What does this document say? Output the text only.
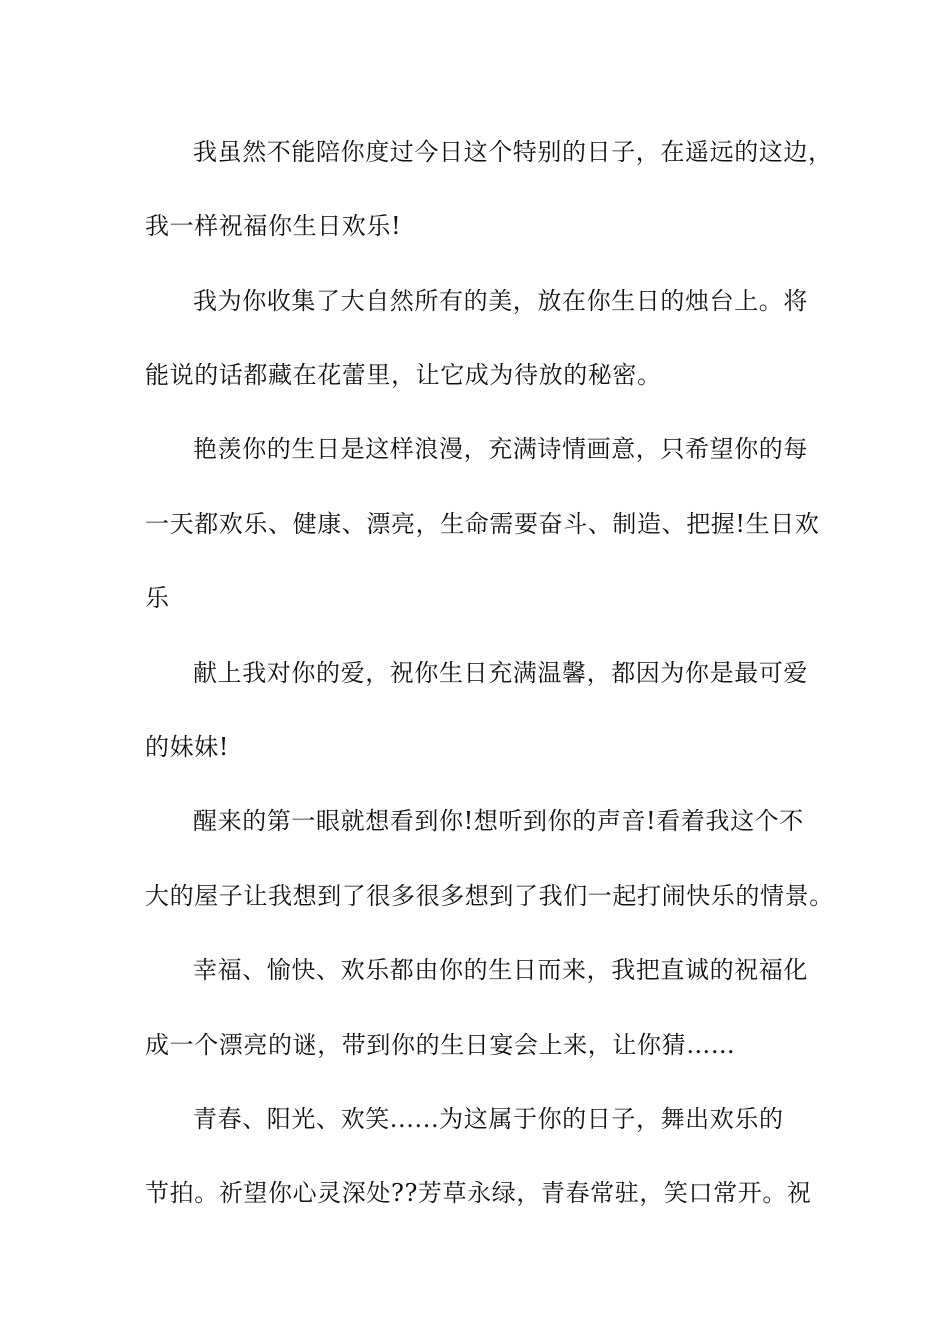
我虽然不能陪你度过今日这个特别的日子，在遥远的这边，

我一样祝福你生日欢乐!

我为你收集了大自然所有的美，放在你生日的烛台上。将

能说的话都藏在花蕾里，让它成为待放的秘密。

艳羡你的生日是这样浪漫，充满诗情画意，只希望你的每

一天都欢乐、健康、漂亮，生命需要奋斗、制造、把握!生日欢

乐

献上我对你的爱，祝你生日充满温馨，都因为你是最可爱

的妹妹!

醒来的第一眼就想看到你!想听到你的声音!看着我这个不

大的屋子让我想到了很多很多想到了我们一起打闹快乐的情景。

幸福、愉快、欢乐都由你的生日而来，我把直诚的祝福化

成一个漂亮的谜，带到你的生日宴会上来，让你猜……

青春、阳光、欢笑......为这属于你的日子，舞出欢乐的

节拍。祈望你心灵深处??芳草永绿，青春常驻，笑口常开。祝
